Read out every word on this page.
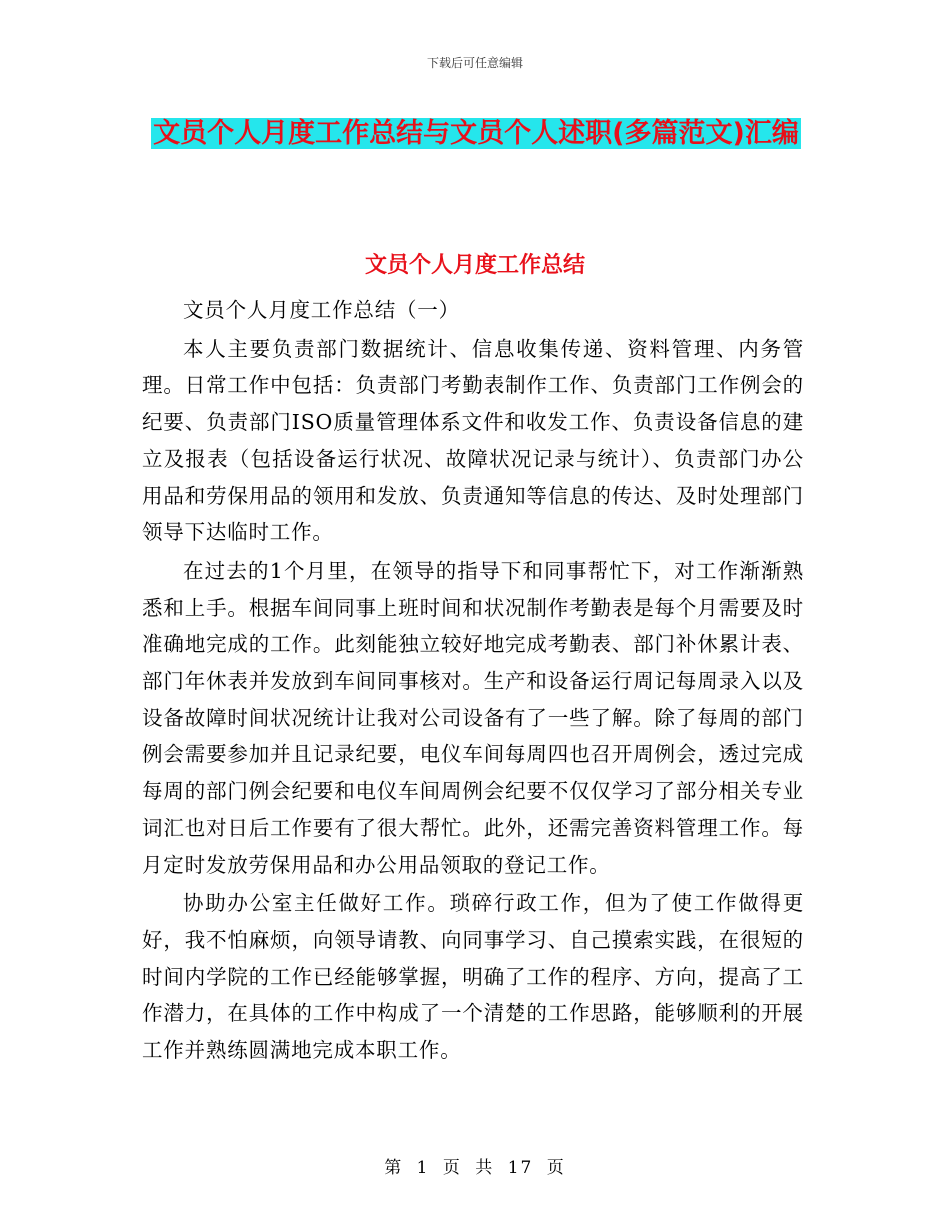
下载后可任意编辑
文员个人月度工作总结与文员个人述职(多篇范文)汇编
文员个人月度工作总结

文员个人月度工作总结（一）

本人主要负责部门数据统计、信息收集传递、资料管理、内务管理。日常工作中包括：负责部门考勤表制作工作、负责部门工作例会的纪要、负责部门ISO质量管理体系文件和收发工作、负责设备信息的建立及报表（包括设备运行状况、故障状况记录与统计）、负责部门办公用品和劳保用品的领用和发放、负责通知等信息的传达、及时处理部门领导下达临时工作。

在过去的1个月里，在领导的指导下和同事帮忙下，对工作渐渐熟悉和上手。根据车间同事上班时间和状况制作考勤表是每个月需要及时准确地完成的工作。此刻能独立较好地完成考勤表、部门补休累计表、部门年休表并发放到车间同事核对。生产和设备运行周记每周录入以及设备故障时间状况统计让我对公司设备有了一些了解。除了每周的部门例会需要参加并且记录纪要，电仪车间每周四也召开周例会，透过完成每周的部门例会纪要和电仪车间周例会纪要不仅仅学习了部分相关专业词汇也对日后工作要有了很大帮忙。此外，还需完善资料管理工作。每月定时发放劳保用品和办公用品领取的登记工作。

协助办公室主任做好工作。琐碎行政工作，但为了使工作做得更好，我不怕麻烦，向领导请教、向同事学习、自己摸索实践，在很短的时间内学院的工作已经能够掌握，明确了工作的程序、方向，提高了工作潜力，在具体的工作中构成了一个清楚的工作思路，能够顺利的开展工作并熟练圆满地完成本职工作。

第 1 页 共 17 页
